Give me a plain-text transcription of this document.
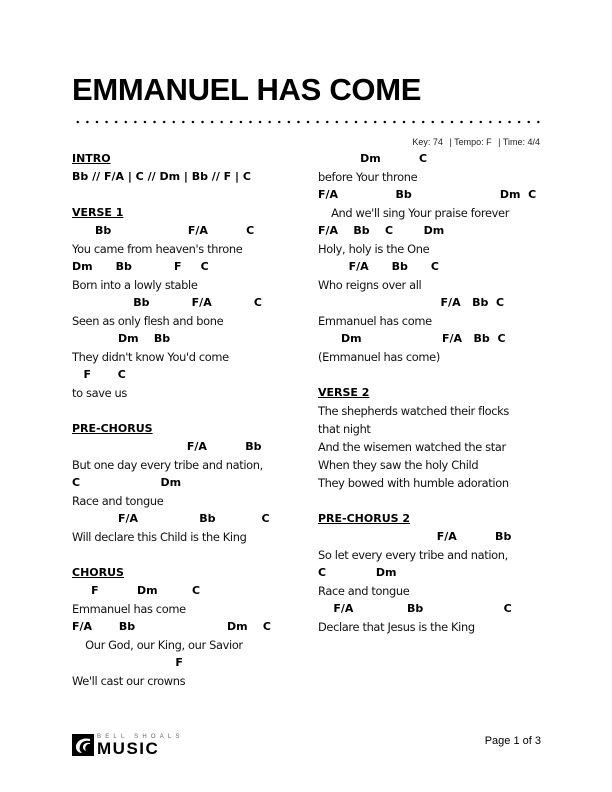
EMMANUEL HAS COME
Key: 74 | Tempo: F | Time: 4/4
INTRO
Bb // F/A | C // Dm | Bb // F | C
VERSE 1
Bb                    F/A          C
You came from heaven's throne
Dm      Bb           F     C
Born into a lowly stable
Bb           F/A           C
Seen as only flesh and bone
Dm    Bb
They didn't know You'd come
F       C
to save us
PRE-CHORUS
F/A          Bb
But one day every tribe and nation,
C                     Dm
Race and tongue
F/A                Bb            C
Will declare this Child is the King
CHORUS
F          Dm         C
Emmanuel has come
F/A       Bb                        Dm    C
Our God, our King, our Savior
F
We'll cast our crowns
Dm          C
before Your throne
F/A               Bb                       Dm  C
And we'll sing Your praise forever
F/A    Bb    C        Dm
Holy, holy is the One
F/A      Bb      C
Who reigns over all
F/A   Bb  C
Emmanuel has come
Dm                     F/A   Bb  C
(Emmanuel has come)
VERSE 2
The shepherds watched their flocks
that night
And the wisemen watched the star
When they saw the holy Child
They bowed with humble adoration
PRE-CHORUS 2
F/A          Bb
So let every every tribe and nation,
C             Dm
Race and tongue
F/A              Bb                     C
Declare that Jesus is the King
BELL SHOALS
MUSIC	Page 1 of 3
